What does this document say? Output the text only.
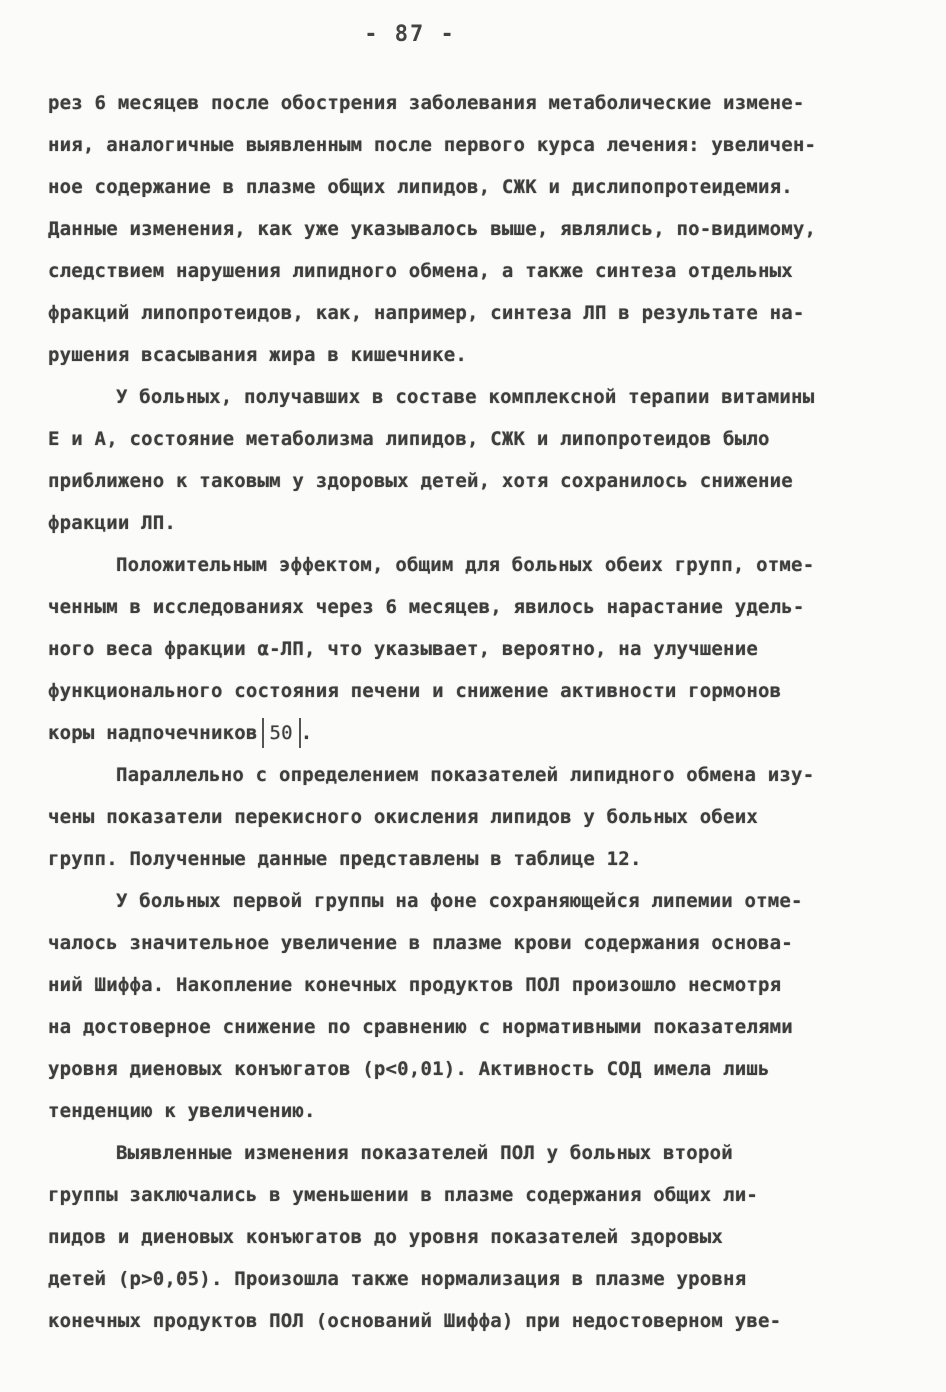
- 87 -
рез 6 месяцев после обострения заболевания метаболические измене-
ния, аналогичные выявленным после первого курса лечения: увеличен-
ное содержание в плазме общих липидов, СЖК и дислипопротеидемия.
Данные изменения, как уже указывалось выше, являлись, по-видимому,
следствием нарушения липидного обмена, а также синтеза отдельных
фракций липопротеидов, как, например, синтеза ЛП в результате на-
рушения всасывания жира в кишечнике.
У больных, получавших в составе комплексной терапии витамины
Е и А, состояние метаболизма липидов, СЖК и липопротеидов было
приближено к таковым у здоровых детей, хотя сохранилось снижение
фракции ЛП.
Положительным эффектом, общим для больных обеих групп, отме-
ченным в исследованиях через 6 месяцев, явилось нарастание удель-
ного веса фракции α-ЛП, что указывает, вероятно, на улучшение
функционального состояния печени и снижение активности гормонов
коры надпочечников 50 .
Параллельно с определением показателей липидного обмена изу-
чены показатели перекисного окисления липидов у больных обеих
групп. Полученные данные представлены в таблице 12.
У больных первой группы на фоне сохраняющейся липемии отме-
чалось значительное увеличение в плазме крови содержания основа-
ний Шиффа. Накопление конечных продуктов ПОЛ произошло несмотря
на достоверное снижение по сравнению с нормативными показателями
уровня диеновых конъюгатов (p<0,01). Активность СОД имела лишь
тенденцию к увеличению.
Выявленные изменения показателей ПОЛ у больных второй
группы заключались в уменьшении в плазме содержания общих ли-
пидов и диеновых конъюгатов до уровня показателей здоровых
детей (p>0,05). Произошла также нормализация в плазме уровня
конечных продуктов ПОЛ (оснований Шиффа) при недостоверном уве-
